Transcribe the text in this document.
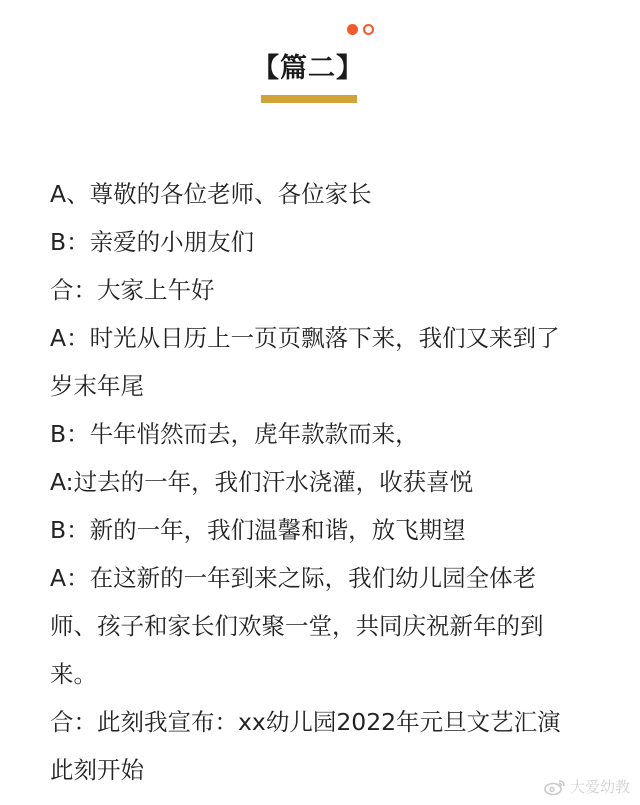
【篇二】
A、尊敬的各位老师、各位家长
B：亲爱的小朋友们
合：大家上午好
A：时光从日历上一页页飘落下来，我们又来到了
岁末年尾
B：牛年悄然而去，虎年款款而来，
A:过去的一年，我们汗水浇灌，收获喜悦
B：新的一年，我们温馨和谐，放飞期望
A：在这新的一年到来之际，我们幼儿园全体老
师、孩子和家长们欢聚一堂，共同庆祝新年的到
来。
合：此刻我宣布：xx幼儿园2022年元旦文艺汇演
此刻开始
大爱幼教
